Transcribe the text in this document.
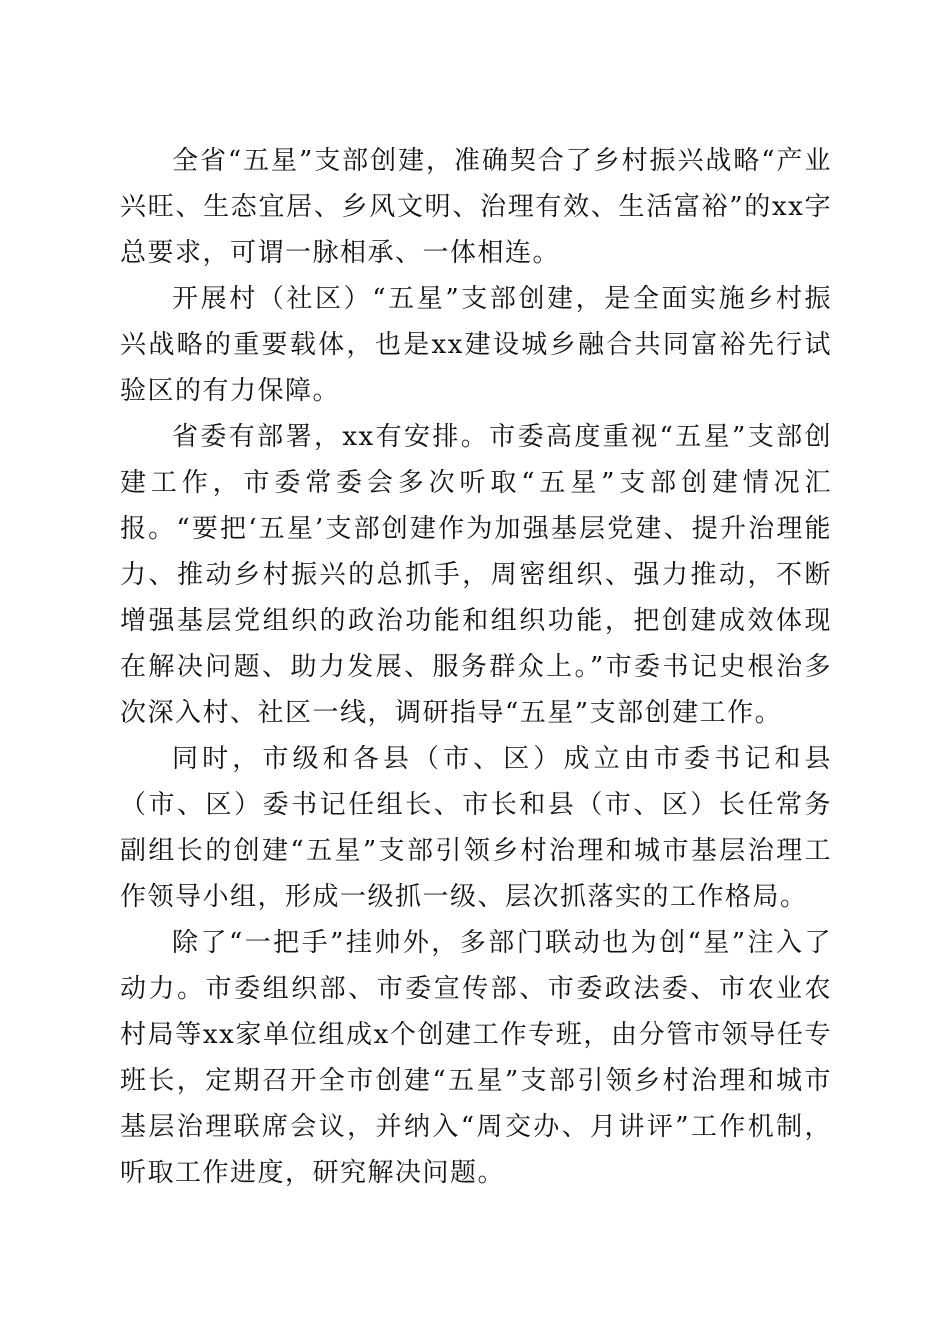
全省“五星”支部创建，准确契合了乡村振兴战略“产业兴旺、生态宜居、乡风文明、治理有效、生活富裕”的xx字总要求，可谓一脉相承、一体相连。

开展村（社区）“五星”支部创建，是全面实施乡村振兴战略的重要载体，也是xx建设城乡融合共同富裕先行试验区的有力保障。

省委有部署，xx有安排。市委高度重视“五星”支部创建工作，市委常委会多次听取“五星”支部创建情况汇报。“要把‘五星’支部创建作为加强基层党建、提升治理能力、推动乡村振兴的总抓手，周密组织、强力推动，不断增强基层党组织的政治功能和组织功能，把创建成效体现在解决问题、助力发展、服务群众上。”市委书记史根治多次深入村、社区一线，调研指导“五星”支部创建工作。

同时，市级和各县（市、区）成立由市委书记和县（市、区）委书记任组长、市长和县（市、区）长任常务副组长的创建“五星”支部引领乡村治理和城市基层治理工作领导小组，形成一级抓一级、层次抓落实的工作格局。

除了“一把手”挂帅外，多部门联动也为创“星”注入了动力。市委组织部、市委宣传部、市委政法委、市农业农村局等xx家单位组成x个创建工作专班，由分管市领导任专班长，定期召开全市创建“五星”支部引领乡村治理和城市基层治理联席会议，并纳入“周交办、月讲评”工作机制，听取工作进度，研究解决问题。
